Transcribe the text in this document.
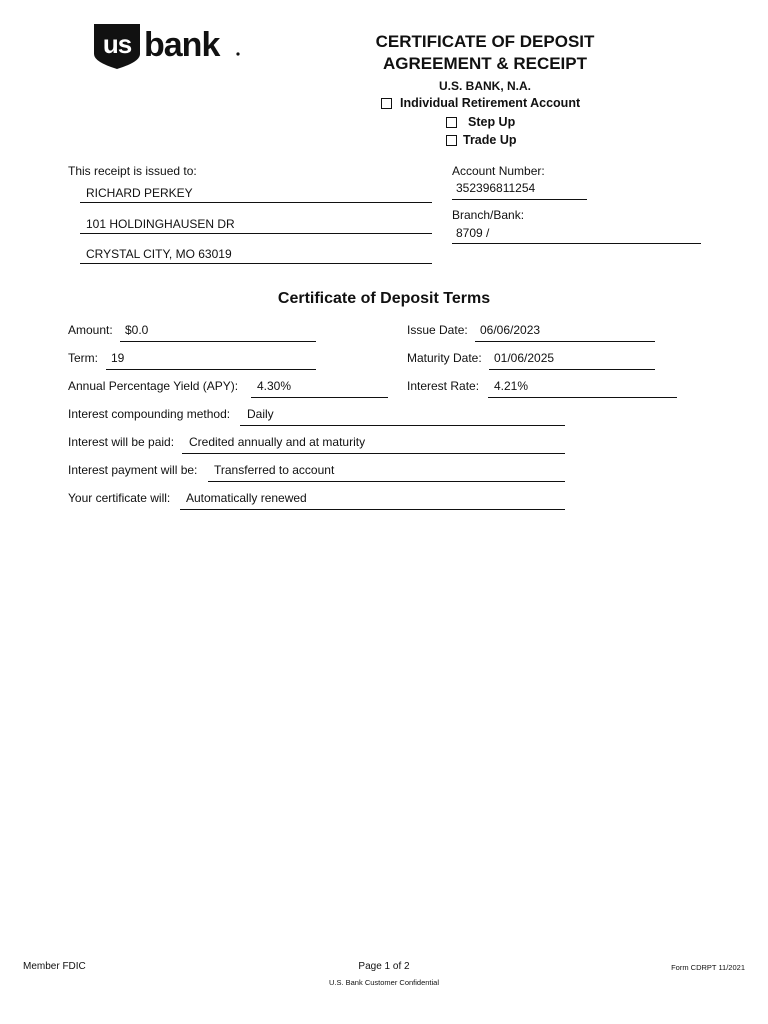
us bank	CERTIFICATE OF DEPOSIT
AGREEMENT & RECEIPT
U.S. BANK, N.A.
Individual Retirement Account
Step Up
Trade Up
This receipt is issued to:
RICHARD PERKEY
101 HOLDINGHAUSEN DR
CRYSTAL CITY, MO 63019
Account Number:
352396811254
Branch/Bank:
8709 /
Certificate of Deposit Terms
Amount: $0.0	Issue Date: 06/06/2023
Term: 19	Maturity Date: 01/06/2025
Annual Percentage Yield (APY): 4.30%	Interest Rate: 4.21%
Interest compounding method: Daily
Interest will be paid: Credited annually and at maturity
Interest payment will be: Transferred to account
Your certificate will: Automatically renewed
Member FDIC	Page 1 of 2
U.S. Bank Customer Confidential
Form CDRPT 11/2021
